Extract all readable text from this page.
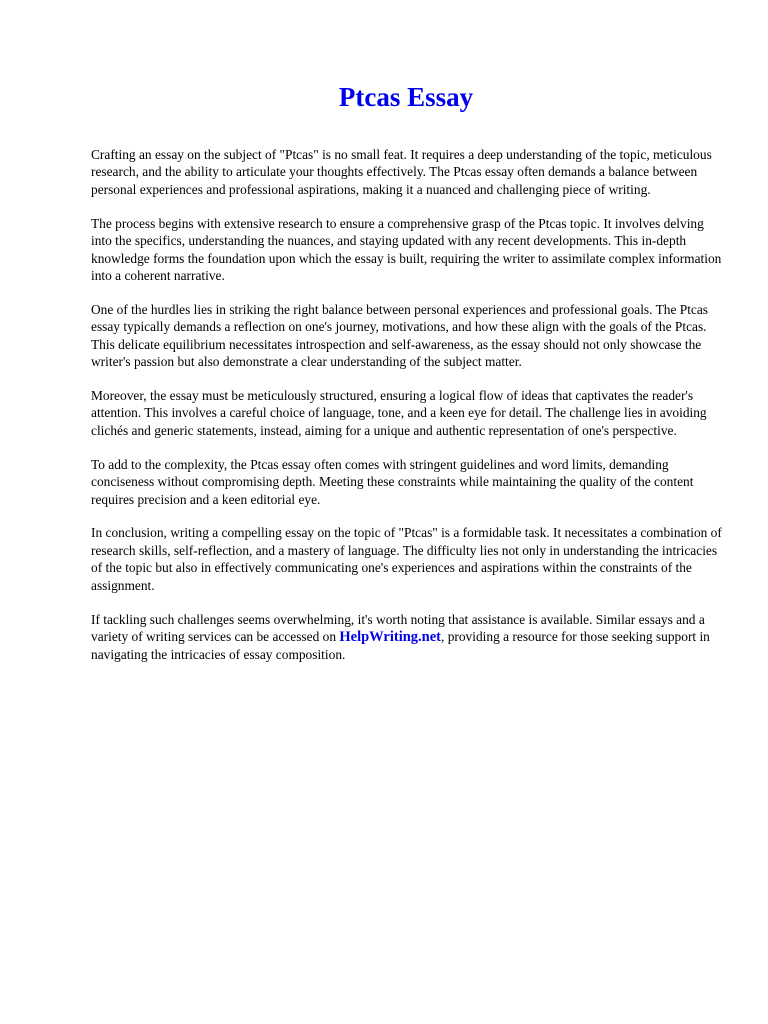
Ptcas Essay

Crafting an essay on the subject of "Ptcas" is no small feat. It requires a deep understanding of the topic, meticulous research, and the ability to articulate your thoughts effectively. The Ptcas essay often demands a balance between personal experiences and professional aspirations, making it a nuanced and challenging piece of writing.

The process begins with extensive research to ensure a comprehensive grasp of the Ptcas topic. It involves delving into the specifics, understanding the nuances, and staying updated with any recent developments. This in-depth knowledge forms the foundation upon which the essay is built, requiring the writer to assimilate complex information into a coherent narrative.

One of the hurdles lies in striking the right balance between personal experiences and professional goals. The Ptcas essay typically demands a reflection on one's journey, motivations, and how these align with the goals of the Ptcas. This delicate equilibrium necessitates introspection and self-awareness, as the essay should not only showcase the writer's passion but also demonstrate a clear understanding of the subject matter.

Moreover, the essay must be meticulously structured, ensuring a logical flow of ideas that captivates the reader's attention. This involves a careful choice of language, tone, and a keen eye for detail. The challenge lies in avoiding clichés and generic statements, instead, aiming for a unique and authentic representation of one's perspective.

To add to the complexity, the Ptcas essay often comes with stringent guidelines and word limits, demanding conciseness without compromising depth. Meeting these constraints while maintaining the quality of the content requires precision and a keen editorial eye.

In conclusion, writing a compelling essay on the topic of "Ptcas" is a formidable task. It necessitates a combination of research skills, self-reflection, and a mastery of language. The difficulty lies not only in understanding the intricacies of the topic but also in effectively communicating one's experiences and aspirations within the constraints of the assignment.

If tackling such challenges seems overwhelming, it's worth noting that assistance is available. Similar essays and a variety of writing services can be accessed on HelpWriting.net, providing a resource for those seeking support in navigating the intricacies of essay composition.
